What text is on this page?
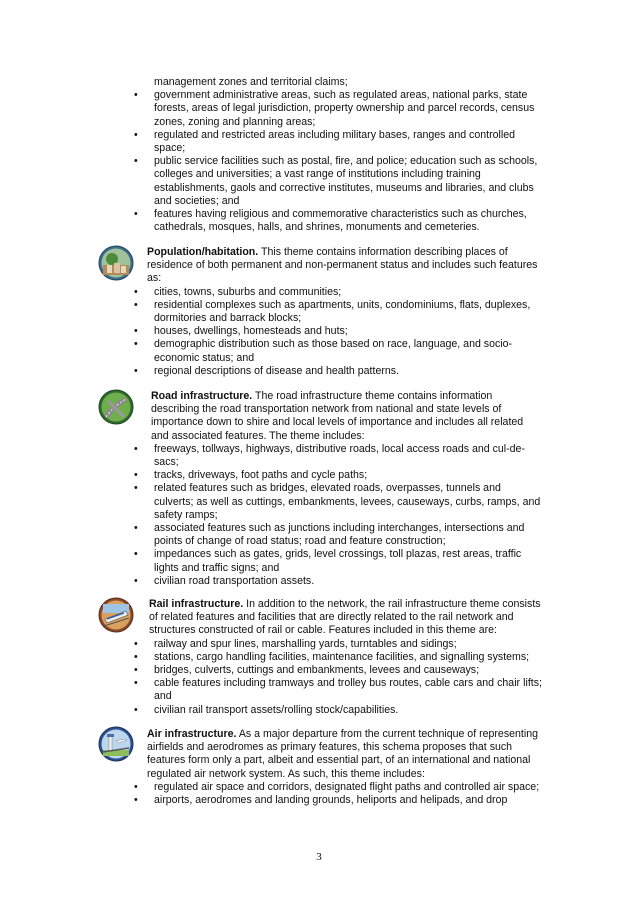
management zones and territorial claims;
• government administrative areas, such as regulated areas, national parks, state forests, areas of legal jurisdiction, property ownership and parcel records, census zones, zoning and planning areas;
• regulated and restricted areas including military bases, ranges and controlled space;
• public service facilities such as postal, fire, and police; education such as schools, colleges and universities; a vast range of institutions including training establishments, gaols and corrective institutes, museums and libraries, and clubs and societies; and
• features having religious and commemorative characteristics such as churches, cathedrals, mosques, halls, and shrines, monuments and cemeteries.
Population/habitation. This theme contains information describing places of residence of both permanent and non-permanent status and includes such features as:
• cities, towns, suburbs and communities;
• residential complexes such as apartments, units, condominiums, flats, duplexes, dormitories and barrack blocks;
• houses, dwellings, homesteads and huts;
• demographic distribution such as those based on race, language, and socio-economic status; and
• regional descriptions of disease and health patterns.
Road infrastructure. The road infrastructure theme contains information describing the road transportation network from national and state levels of importance down to shire and local levels of importance and includes all related and associated features. The theme includes:
• freeways, tollways, highways, distributive roads, local access roads and cul-de-sacs;
• tracks, driveways, foot paths and cycle paths;
• related features such as bridges, elevated roads, overpasses, tunnels and culverts; as well as cuttings, embankments, levees, causeways, curbs, ramps, and safety ramps;
• associated features such as junctions including interchanges, intersections and points of change of road status; road and feature construction;
• impedances such as gates, grids, level crossings, toll plazas, rest areas, traffic lights and traffic signs; and
• civilian road transportation assets.
Rail infrastructure. In addition to the network, the rail infrastructure theme consists of related features and facilities that are directly related to the rail network and structures constructed of rail or cable. Features included in this theme are:
• railway and spur lines, marshalling yards, turntables and sidings;
• stations, cargo handling facilities, maintenance facilities, and signalling systems;
• bridges, culverts, cuttings and embankments, levees and causeways;
• cable features including tramways and trolley bus routes, cable cars and chair lifts; and
• civilian rail transport assets/rolling stock/capabilities.
Air infrastructure. As a major departure from the current technique of representing airfields and aerodromes as primary features, this schema proposes that such features form only a part, albeit and essential part, of an international and national regulated air network system. As such, this theme includes:
• regulated air space and corridors, designated flight paths and controlled air space;
• airports, aerodromes and landing grounds, heliports and helipads, and drop
3
